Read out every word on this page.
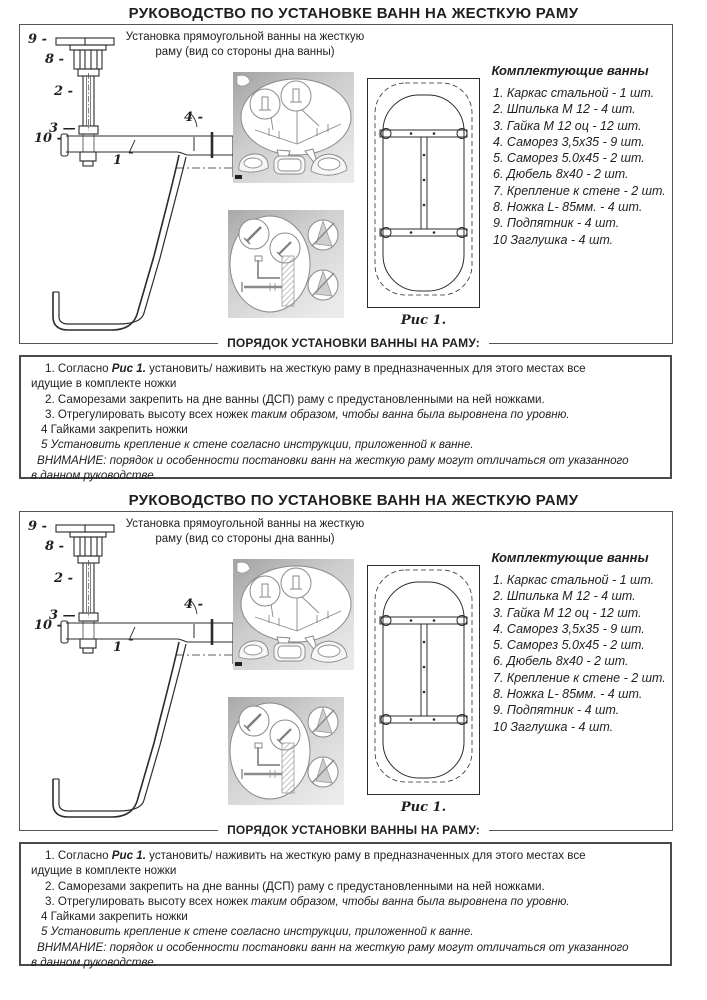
РУКОВОДСТВО ПО УСТАНОВКЕ ВАНН НА ЖЕСТКУЮ РАМУ
Установка прямоугольной ванны на жесткую
раму (вид со стороны дна ванны)
9 -
8 -
2 -
3 —
10 -
1
4 -
Рис 1.
Комплектующие ванны
1. Каркас стальной - 1 шт.
2. Шпилька М 12 - 4 шт.
3. Гайка М 12 оц - 12 шт.
4. Саморез 3,5х35 - 9 шт.
5. Саморез 5.0х45 - 2 шт.
6. Дюбель 8х40 - 2 шт.
7. Крепление к стене - 2 шт.
8. Ножка L- 85мм. - 4 шт.
9. Подпятник - 4 шт.
10 Заглушка - 4 шт.
ПОРЯДОК УСТАНОВКИ ВАННЫ НА РАМУ:

1. Согласно Рис 1. установить/ наживить на жесткую раму в предназначенных для этого местах все

идущие в комплекте ножки

2. Саморезами закрепить на дне ванны (ДСП) раму с предустановленными на ней ножками.

3. Отрегулировать высоту всех ножек таким образом, чтобы ванна была выровнена по уровню.

4 Гайками закрепить ножки

5 Установить крепление к стене согласно инструкции, приложенной к ванне.

ВНИМАНИЕ: порядок и особенности постановки ванн на жесткую раму могут отличаться от указанного

в данном руководстве.

РУКОВОДСТВО ПО УСТАНОВКЕ ВАНН НА ЖЕСТКУЮ РАМУ
Установка прямоугольной ванны на жесткую
раму (вид со стороны дна ванны)
9 -
8 -
2 -
3 —
10 -
1
4 -
Рис 1.
Комплектующие ванны
1. Каркас стальной - 1 шт.
2. Шпилька М 12 - 4 шт.
3. Гайка М 12 оц - 12 шт.
4. Саморез 3,5х35 - 9 шт.
5. Саморез 5.0х45 - 2 шт.
6. Дюбель 8х40 - 2 шт.
7. Крепление к стене - 2 шт.
8. Ножка L- 85мм. - 4 шт.
9. Подпятник - 4 шт.
10 Заглушка - 4 шт.
ПОРЯДОК УСТАНОВКИ ВАННЫ НА РАМУ:

1. Согласно Рис 1. установить/ наживить на жесткую раму в предназначенных для этого местах все

идущие в комплекте ножки

2. Саморезами закрепить на дне ванны (ДСП) раму с предустановленными на ней ножками.

3. Отрегулировать высоту всех ножек таким образом, чтобы ванна была выровнена по уровню.

4 Гайками закрепить ножки

5 Установить крепление к стене согласно инструкции, приложенной к ванне.

ВНИМАНИЕ: порядок и особенности постановки ванн на жесткую раму могут отличаться от указанного

в данном руководстве.
